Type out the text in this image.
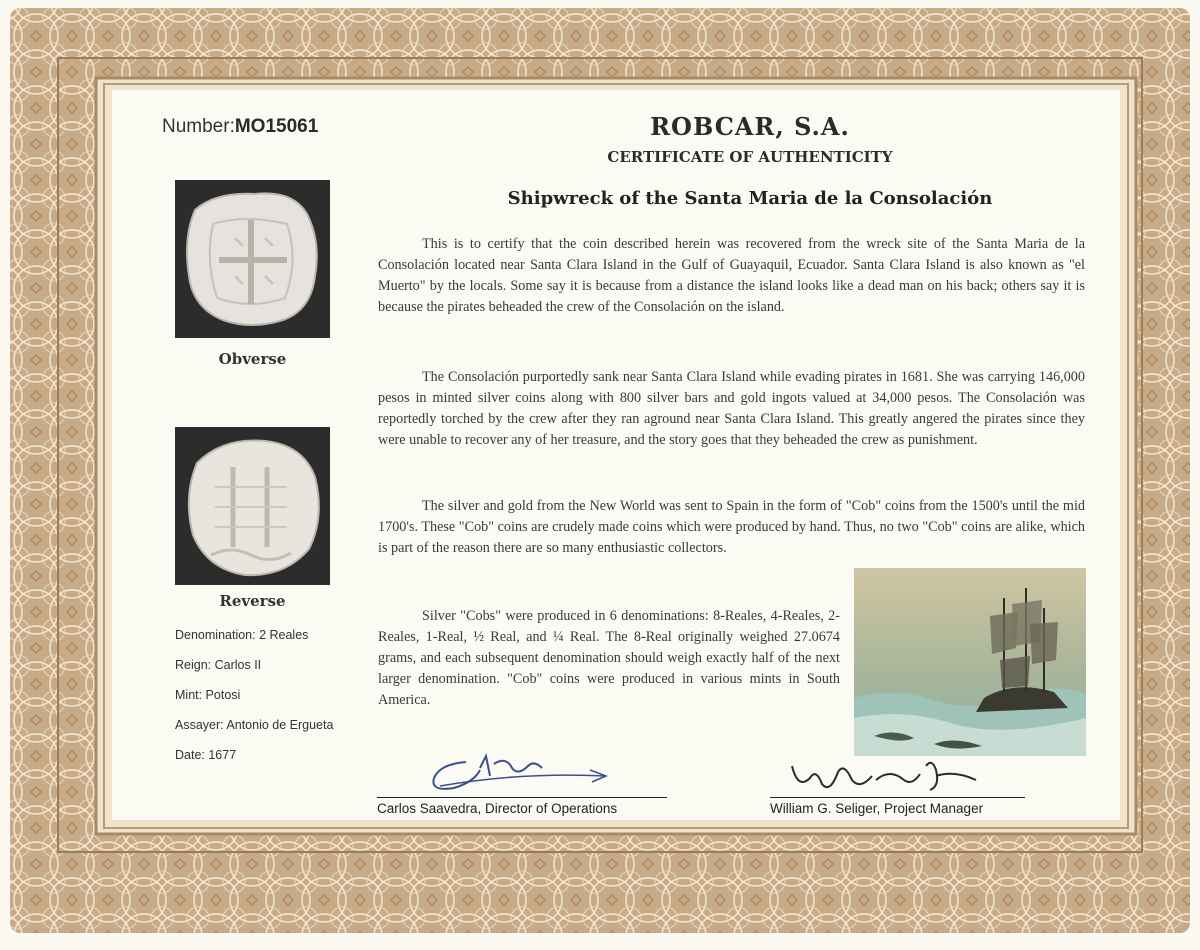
Number:MO15061	ROBCAR, S.A.
CERTIFICATE OF AUTHENTICITY
Shipwreck of the Santa Maria de la Consolación
Obverse
Reverse
Denomination: 2 Reales
Reign: Carlos II
Mint: Potosi
Assayer: Antonio de Ergueta
Date: 1677

This is to certify that the coin described herein was recovered from the wreck site of the Santa Maria de la Consolación located near Santa Clara Island in the Gulf of Guayaquil, Ecuador. Santa Clara Island is also known as "el Muerto" by the locals. Some say it is because from a distance the island looks like a dead man on his back; others say it is because the pirates beheaded the crew of the Consolación on the island.

The Consolación purportedly sank near Santa Clara Island while evading pirates in 1681. She was carrying 146,000 pesos in minted silver coins along with 800 silver bars and gold ingots valued at 34,000 pesos. The Consolación was reportedly torched by the crew after they ran aground near Santa Clara Island. This greatly angered the pirates since they were unable to recover any of her treasure, and the story goes that they beheaded the crew as punishment.

The silver and gold from the New World was sent to Spain in the form of "Cob" coins from the 1500's until the mid 1700's. These "Cob" coins are crudely made coins which were produced by hand. Thus, no two "Cob" coins are alike, which is part of the reason there are so many enthusiastic collectors.

Silver "Cobs" were produced in 6 denominations: 8-Reales, 4-Reales, 2-Reales, 1-Real, ½ Real, and ¼ Real. The 8-Real originally weighed 27.0674 grams, and each subsequent denomination should weigh exactly half of the next larger denomination. "Cob" coins were produced in various mints in South America.

Carlos Saavedra, Director of Operations	William G. Seliger, Project Manager
